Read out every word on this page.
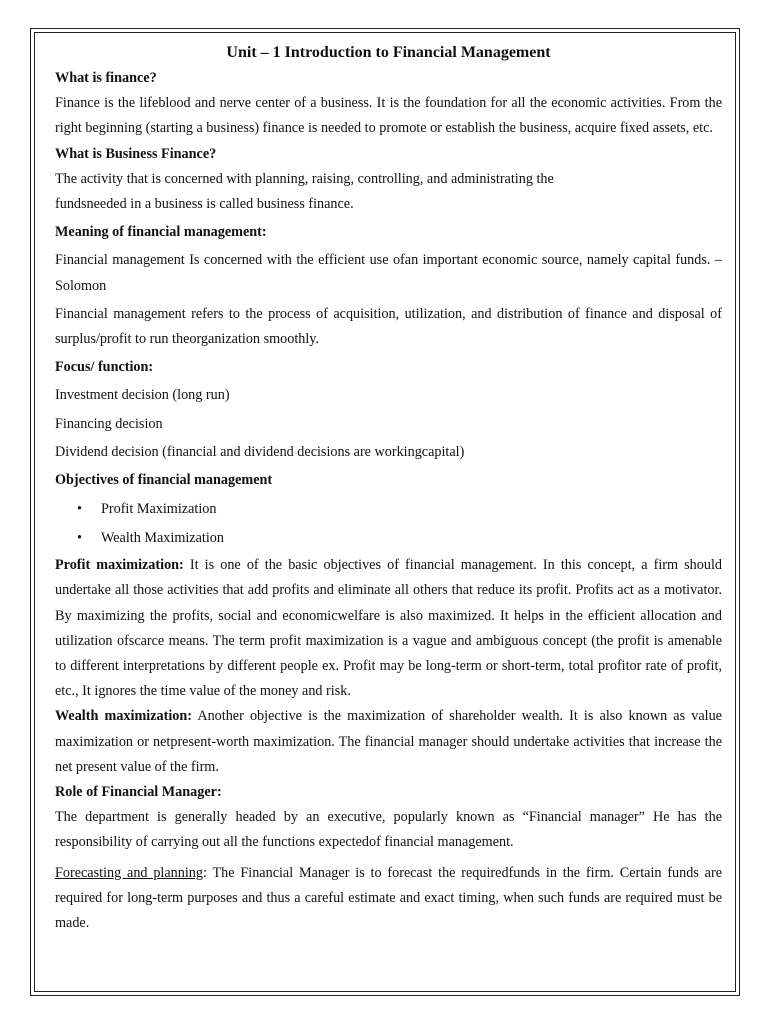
Unit – 1 Introduction to Financial Management

What is finance?

Finance is the lifeblood and nerve center of a business. It is the foundation for all the economic activities. From the right beginning (starting a business) finance is needed to promote or establish the business, acquire fixed assets, etc.

What is Business Finance?

The activity that is concerned with planning, raising, controlling, and administrating the

fundsneeded in a business is called business finance.

Meaning of financial management:

Financial management Is concerned with the efficient use ofan important economic source, namely capital funds. – Solomon

Financial management refers to the process of acquisition, utilization, and distribution of finance and disposal of surplus/profit to run theorganization smoothly.

Focus/ function:

Investment decision (long run)

Financing decision

Dividend decision (financial and dividend decisions are workingcapital)

Objectives of financial management

• Profit Maximization
• Wealth Maximization

Profit maximization: It is one of the basic objectives of financial management. In this concept, a firm should undertake all those activities that add profits and eliminate all others that reduce its profit. Profits act as a motivator. By maximizing the profits, social and economicwelfare is also maximized. It helps in the efficient allocation and utilization ofscarce means. The term profit maximization is a vague and ambiguous concept (the profit is amenable to different interpretations by different people ex. Profit may be long-term or short-term, total profitor rate of profit, etc., It ignores the time value of the money and risk.

Wealth maximization: Another objective is the maximization of shareholder wealth. It is also known as value maximization or netpresent-worth maximization. The financial manager should undertake activities that increase the net present value of the firm.

Role of Financial Manager:

The department is generally headed by an executive, popularly known as “Financial manager” He has the responsibility of carrying out all the functions expectedof financial management.

Forecasting and planning: The Financial Manager is to forecast the requiredfunds in the firm. Certain funds are required for long-term purposes and thus a careful estimate and exact timing, when such funds are required must be made.
